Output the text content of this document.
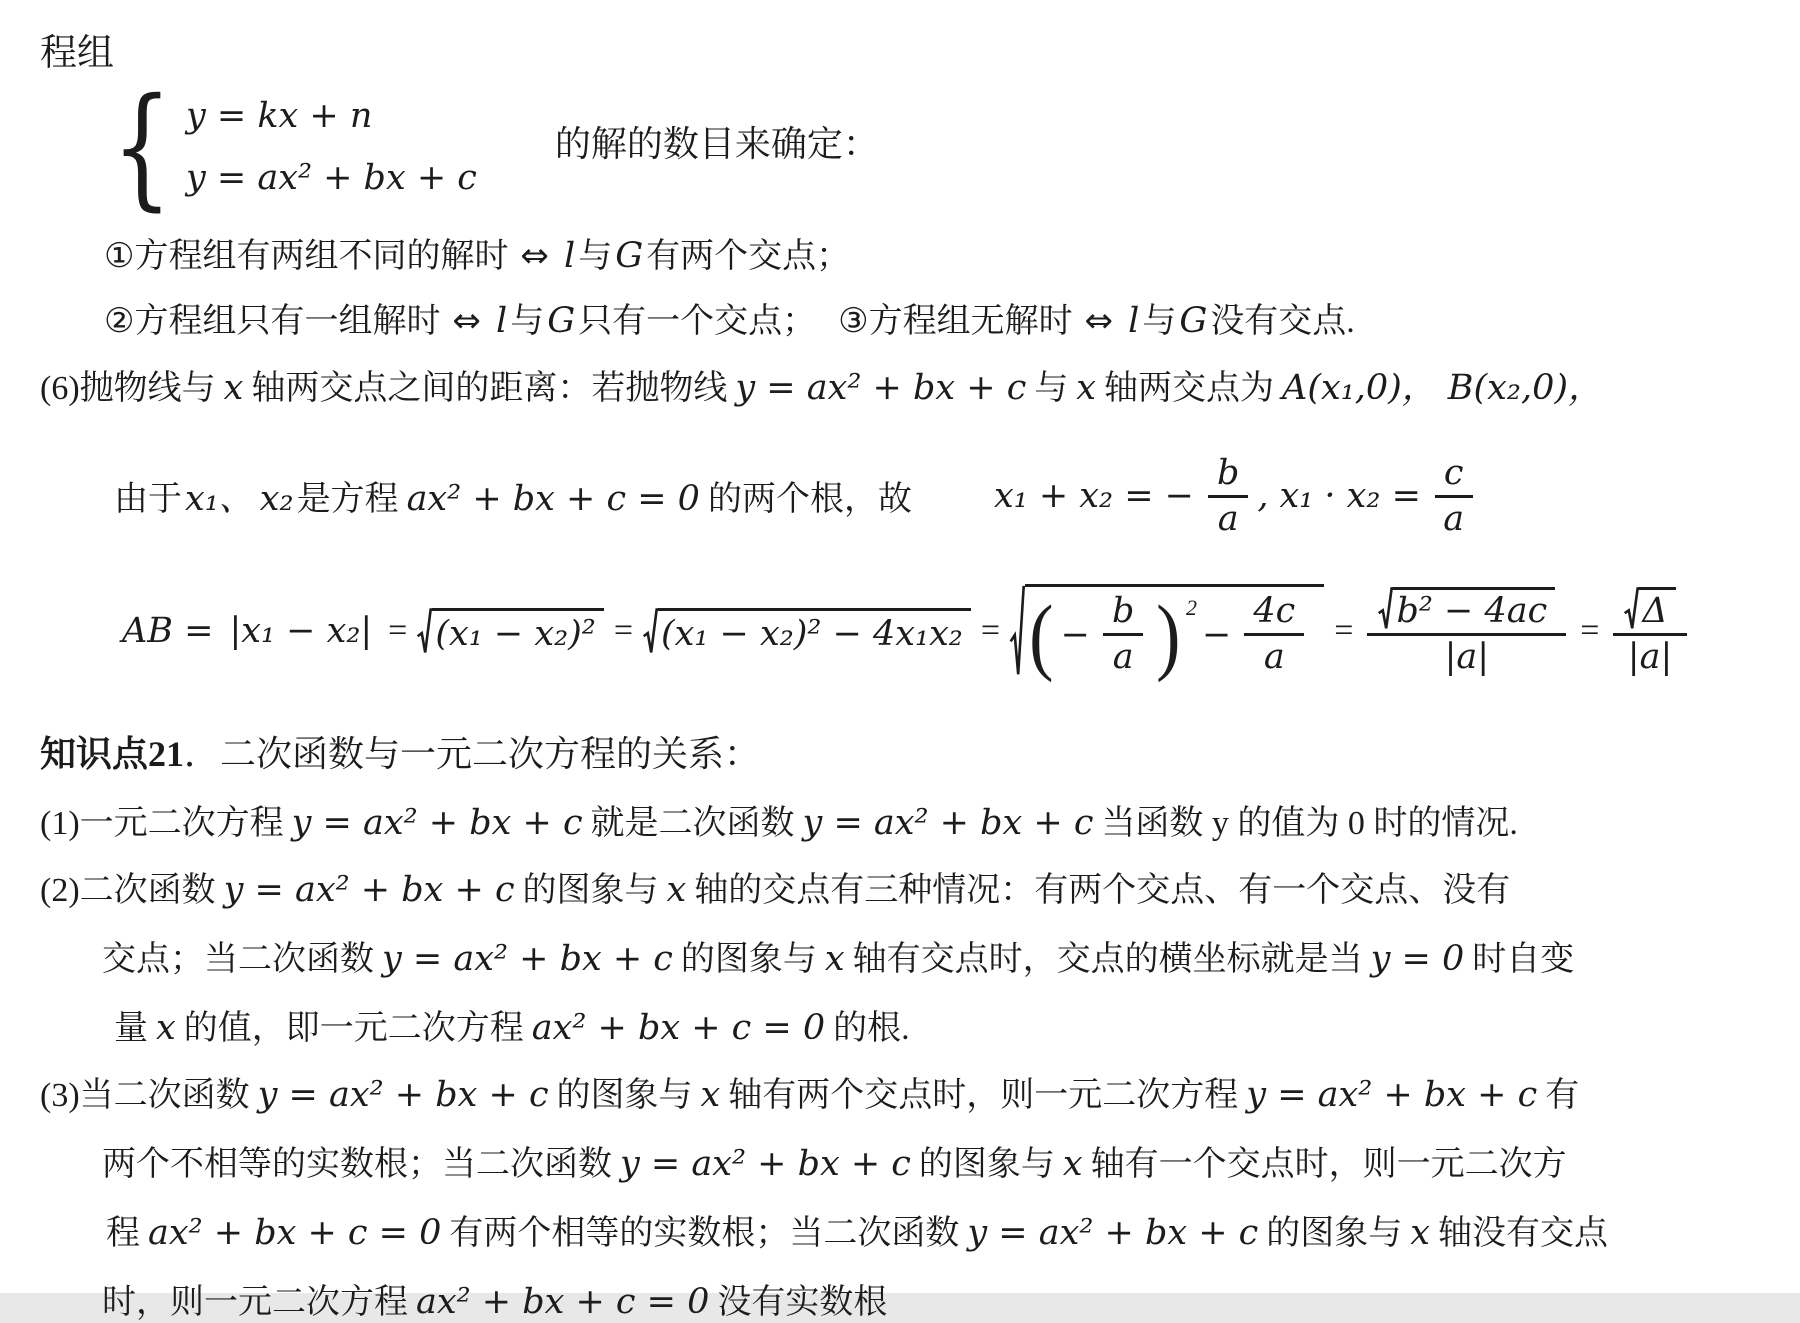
程组
{ y = kx + n
y = ax² + bx + c
的解的数目来确定：
①方程组有两组不同的解时 ⇔ l与G有两个交点；
②方程组只有一组解时 ⇔ l与G只有一个交点； ③方程组无解时 ⇔ l与G没有交点.
(6)抛物线与 x 轴两交点之间的距离：若抛物线 y = ax² + bx + c 与 x 轴两交点为 A(x₁,0)， B(x₂,0)，
由于x₁、 x₂是方程 ax² + bx + c = 0 的两个根，故 x₁ + x₂ = − $\frac{b}{a}$ , $x_1 \cdot x_2 = \frac{c}{a}$
AB = |x₁ − x₂| = (x₁ − x₂)² = (x₁ − x₂)² − 4x₁x₂ = ( − $\frac{b}{a}$ ) 2
− $\frac{4c}{a} = \frac{\text{b² − 4ac}}{|a|} = \frac{\Delta}{|a|}$
知识点21．二次函数与一元二次方程的关系：
(1)一元二次方程 y = ax² + bx + c 就是二次函数 y = ax² + bx + c 当函数 y 的值为 0 时的情况.
(2)二次函数 y = ax² + bx + c 的图象与 x 轴的交点有三种情况：有两个交点、有一个交点、没有
交点；当二次函数 y = ax² + bx + c 的图象与 x 轴有交点时，交点的横坐标就是当 y = 0 时自变
量 x 的值，即一元二次方程 ax² + bx + c = 0 的根.
(3)当二次函数 y = ax² + bx + c 的图象与 x 轴有两个交点时，则一元二次方程 y = ax² + bx + c 有
两个不相等的实数根；当二次函数 y = ax² + bx + c 的图象与 x 轴有一个交点时，则一元二次方
程 ax² + bx + c = 0 有两个相等的实数根；当二次函数 y = ax² + bx + c 的图象与 x 轴没有交点
时，则一元二次方程 ax² + bx + c = 0 没有实数根
